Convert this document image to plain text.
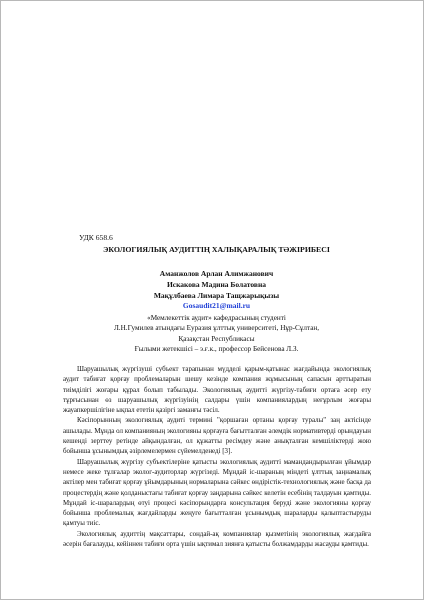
УДК 658.6
ЭКОЛОГИЯЛЫҚ АУДИТТІҢ ХАЛЫҚАРАЛЫҚ ТӘЖІРИБЕСІ
Аманжолов Арлан Алимжанович
Искакова Мадина Болатовна
Мақұлбаева Лимара Тащжарықызы
Gosaudit21@mail.ru
«Мемлекеттік аудит» кафедрасының студенті
Л.Н.Гумилев атындағы Еуразия ұлттық университеті, Нұр-Сұлтан,
Қазақстан Республикасы
Ғылыми жетекшісі – э.ғ.к., профессор Бейсенова Л.З.

Шаруашылық жүргізуші субъект тарапынан мүдделі қарым-қатынас жағдайында экологиялық аудит табиғат қорғау проблемаларын шешу кезінде компания жұмысының сапасын арттыратын тиімділігі жоғары құрал болып табылады. Экологиялық аудитті жүргізу-табиғи ортаға әсер ету тұрғысынан өз шаруашылық жүргізуінің салдары үшін компаниялардың неғұрлым жоғары жауапкершілігіне ықпал ететін қазіргі заманғы тәсіл.

Кәсіпорынның экологиялық аудиті термині "қоршаған ортаны қорғау туралы" заң актісінде ашылады. Мұнда ол компанияның экологияны қорғауға бағытталған әлемдік нормативтерді орындауын кешенді зерттеу ретінде айқындалған, ол құжатты ресімдеу және анықталған кемшіліктерді жою бойынша ұсынымдық әзірлемелермен сүйемелденеді [3].

Шаруашылық жүргізу субъектілеріне қатысты экологиялық аудитті мамандандырылған ұйымдар немесе жеке тұлғалар эколог-аудиторлар жүргізеді. Мұндай іс-шараның міндеті ұлттық заңнамалық актілер мен табиғат қорғау ұйымдарының нормаларына сәйкес өндірістік-технологиялық және басқа да процестердің және қолданыстағы табиғат қорғау заңдарына сәйкес келетін есебінің талдауын қамтиды. Мұндай іс-шаралардың өтуі процесі кәсіпорындарға консультация беруді және экологияны қорғау бойынша проблемалық жағдайларды жеңуге бағытталған ұсынымдық шараларды қалыптастыруды қамтуы тиіс.

Экологиялық аудиттің мақсаттары, сондай-ақ компаниялар қызметінің экологиялық жағдайға әсерін бағалауды, кейіннен табиғи орта үшін ықтимал зиянға қатысты болжамдарды жасауды қамтиды.
